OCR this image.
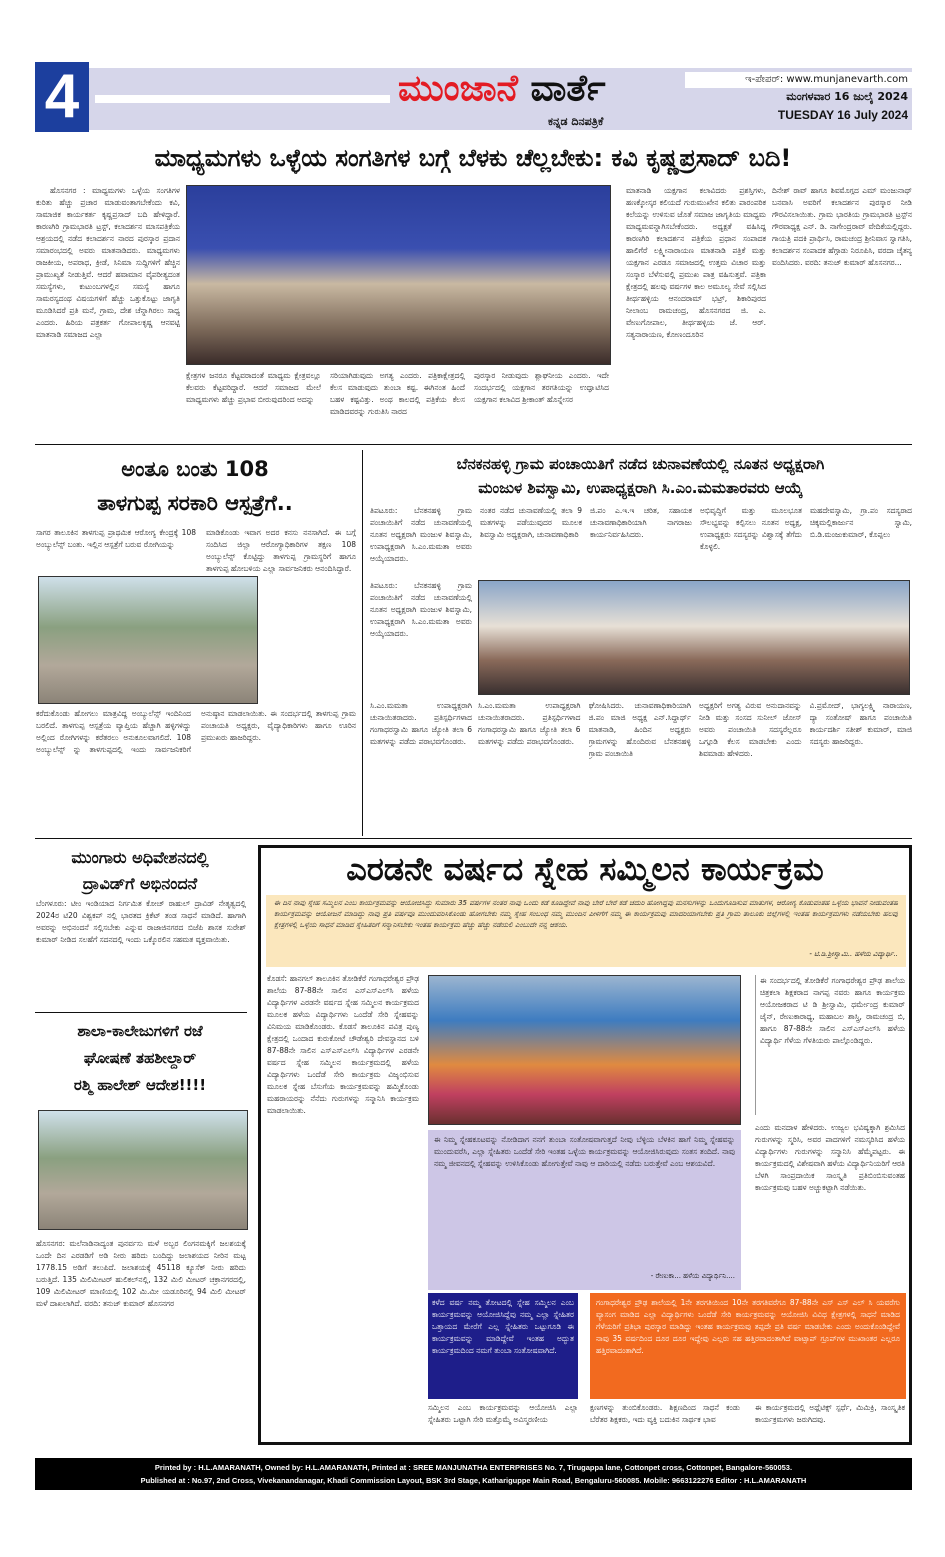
4	ಮುಂಜಾನೆ ವಾರ್ತೆ
ಕನ್ನಡ ದಿನಪತ್ರಿಕೆ
ಇ-ಪೇಪರ್: www.munjanevarth.com
ಮಂಗಳವಾರ 16 ಜುಲೈ 2024
TUESDAY 16 July 2024
ಮಾಧ್ಯಮಗಳು ಒಳ್ಳೆಯ ಸಂಗತಿಗಳ ಬಗ್ಗೆ ಬೆಳಕು ಚೆಲ್ಲಬೇಕು: ಕವಿ ಕೃಷ್ಣಪ್ರಸಾದ್ ಬದಿ!

ಹೊಸನಗರ : ಮಾಧ್ಯಮಗಳು ಒಳ್ಳೆಯ ಸಂಗತಿಗಳ ಕುರಿತು ಹೆಚ್ಚು ಪ್ರಚಾರ ಮಾಡುವಂತಾಗಬೇಕೆಂದು ಕವಿ, ಸಾಮಾಜಿಕ ಕಾರ್ಯಕರ್ತ ಕೃಷ್ಣಪ್ರಸಾದ್ ಬದಿ ಹೇಳಿದ್ದಾರೆ. ಕಾರಣಗಿರಿ ಗ್ರಾಮಭಾರತಿ ಟ್ರಸ್ಟ್, ಕಲಾದರ್ಶನ ಮಾಸಪತ್ರಿಕೆಯ ಆಶ್ರಯದಲ್ಲಿ ನಡೆದ ಕಲಾದರ್ಶನ ನಾರದ ಪುರಸ್ಕಾರ ಪ್ರದಾನ ಸಮಾರಂಭದಲ್ಲಿ ಅವರು ಮಾತನಾಡಿದರು. ಮಾಧ್ಯಮಗಳು ರಾಜಕೀಯ, ಅಪರಾಧ, ಕ್ರೀಡೆ, ಸಿನಿಮಾ ಸುದ್ದಿಗಳಿಗೆ ಹೆಚ್ಚಿನ ಪ್ರಾಮುಖ್ಯತೆ ನೀಡುತ್ತಿವೆ. ಆದರೆ ಹವಾಮಾನ ವೈಪರೀತ್ಯದಂತ ಸಮಸ್ಯೆಗಳು, ಕುಟುಂಬಗಳಲ್ಲಿನ ಸಮಸ್ಯೆ ಹಾಗೂ ಸಾಮರಸ್ಯದಂಥ ವಿಷಯಗಳಿಗೆ ಹೆಚ್ಚು ಒತ್ತುಕೊಟ್ಟು ಜಾಗೃತಿ ಮೂಡಿಸಿದರೆ ಪ್ರತಿ ಮನೆ, ಗ್ರಾಮ, ದೇಶ ಚೆನ್ನಾಗಿರಲು ಸಾಧ್ಯ ಎಂದರು. ಹಿರಿಯ ಪತ್ರಕರ್ತ ಗೋಪಾಲಕೃಷ್ಣ ಆನವಟ್ಟಿ ಮಾತನಾಡಿ ಸಮಾಜದ ಎಲ್ಲಾ

ಕ್ಷೇತ್ರಗಳ ಜನರೂ ಕೆಟ್ಟವರಾದಂತೆ ಮಾಧ್ಯಮ ಕ್ಷೇತ್ರವಲ್ಲೂ ಕೆಲವರು ಕೆಟ್ಟವರಿದ್ದಾರೆ. ಆದರೆ ಸಮಾಜದ ಮೇಲೆ ಮಾಧ್ಯಮಗಳು ಹೆಚ್ಚು ಪ್ರಭಾವ ಬೀರುವುದರಿಂದ ಅದನ್ನು
ಸರಿಯಾಗಿಡುವುದು ಅಗತ್ಯ ಎಂದರು. ಪತ್ರಿಕಾಕ್ಷೇತ್ರದಲ್ಲಿ ಕೆಲಸ ಮಾಡುವುದು ತುಂಬಾ ಕಷ್ಟ. ಈಗಿನಂತ ಹಿಂದೆ ಬಹಳ ಕಷ್ಟವಿತ್ತು. ಅಂಥ ಕಾಲದಲ್ಲಿ ಪತ್ರಿಕೆಯ ಕೆಲಸ ಮಾಡಿದವರನ್ನು ಗುರುತಿಸಿ ನಾರದ
ಪುರಸ್ಕಾರ ನೀಡುವುದು ಶ್ಲಾಘನೀಯ ಎಂದರು. ಇದೇ ಸಂದರ್ಭದಲ್ಲಿ ಯಕ್ಷಗಾನ ತರಗತಿಯನ್ನು ಉದ್ಘಾಟಿಸಿದ ಯಕ್ಷಗಾನ ಕಲಾವಿದ ಶ್ರೀಕಾಂತ್ ಹೊನ್ನೇಸರ
ಮಾತನಾಡಿ ಯಕ್ಷಗಾನ ಕಲಾವಿದರು ಪ್ರಶಸ್ತಿಗಳು, ಹಣಕ್ಕೋಸ್ಕರ ಕಲಿಯದೆ ಗುರುಮುಖೇನ ಕಲಿತು ಪಾರಂಪರಿಕ ಕಲೆಯನ್ನು ಉಳಿಸುವ ಜೊತೆ ಸಮಾಜ ಜಾಗೃತಿಯ ಮಾಧ್ಯಮ ಮಾಧ್ಯಮವನ್ನಾಗಿಸಬೇಕೆಂದರು. ಅಧ್ಯಕ್ಷತೆ ವಹಿಸಿದ್ದ ಕಾರಣಗಿರಿ ಕಲಾದರ್ಶನ ಪತ್ರಿಕೆಯ ಪ್ರಧಾನ ಸಂಪಾದಕ ಹಾಲಿಗೆರೆ ಲಕ್ಷ್ಮೀನಾರಾಯಣ ಮಾತನಾಡಿ ಪತ್ರಿಕೆ ಮತ್ತು ಯಕ್ಷಗಾನ ಎರಡೂ ಸಮಾಜದಲ್ಲಿ ಉತ್ತಮ ವಿಚಾರ ಮತ್ತು ಸಂಸ್ಕಾರ ಬೆಳೆಸುವಲ್ಲಿ ಪ್ರಮುಖ ಪಾತ್ರ ವಹಿಸುತ್ತವೆ. ಪತ್ರಿಕಾ ಕ್ಷೇತ್ರದಲ್ಲಿ ಹಲವು ವರ್ಷಗಳ ಕಾಲ ಅಮೂಲ್ಯ ಸೇವೆ ಸಲ್ಲಿಸಿದ ತೀರ್ಥಹಳ್ಳಿಯ ಆನಂದರಾಮ್ ಭಟ್ರ್, ಶಿಕಾರಿಪುರದ ನೀಲಾಂಬ ರಾಮಚಂದ್ರ, ಹೊಸನಗರದ ಜಿ. ಎ. ವೇಣುಗೋಪಾಲ, ತೀರ್ಥಹಳ್ಳಿಯ ಜೆ. ಆರ್. ಸತ್ಯನಾರಾಯಣ, ಕೋಣಂದೂರಿನ
ದಿನೇಶ್ ರಾವ್ ಹಾಗೂ ಶಿವಮೊಗ್ಗದ ಎಮ್ ಮಂಜುನಾಥ್ ಬನವಾಸಿ ಅವರಿಗೆ ಕಲಾದರ್ಶನ ಪುರಸ್ಕಾರ ನೀಡಿ ಗೌರವಿಸಲಾಯಿತು. ಗ್ರಾಮ ಭಾರತಿಯ ಗ್ರಾಮಭಾರತಿ ಟ್ರಸ್ಟ್‌ನ ಗೌರವಾಧ್ಯಕ್ಷ ಎನ್. ಡಿ. ನಾಗೇಂದ್ರರಾವ್ ವೇದಿಕೆಯಲ್ಲಿದ್ದರು. ಗಾಯತ್ರಿ ಪದಕಿ ಪ್ರಾರ್ಥಿಸಿ, ರಾಮಚಂದ್ರ ಶ್ರೀನಿವಾಸ ಸ್ವಾಗತಿಸಿ, ಕಲಾದರ್ಶನ ಸಂಪಾದಕ ಹೆಗ್ಗಾಡು ನಿರೂಪಿಸಿ, ವರದಾ ಚೈತನ್ಯ ವಂದಿಸಿದರು. ವರದಿ: ತನುಜ್ ಕುಮಾರ್ ಹೊಸನಗರ...
ಅಂತೂ ಬಂತು 108
ತಾಳಗುಪ್ಪ ಸರಕಾರಿ ಆಸ್ಪತ್ರೆಗೆ..
ಸಾಗರ ತಾಲೂಕಿನ ತಾಳಗುಪ್ಪ ಪ್ರಾಥಮಿಕ ಆರೋಗ್ಯ ಕೇಂದ್ರಕ್ಕೆ 108 ಅಂಬ್ಯುಲೆನ್ಸ್ ಬಂತು. ಇಲ್ಲಿನ ಆಸ್ಪತ್ರೆಗೆ ಬರುವ ರೋಗಿಯನ್ನು
ಮಾಡಿಕೊಂಡು ಇವಾಗ ಅದರ ಕನಸು ನನಸಾಗಿದೆ. ಈ ಬಗ್ಗೆ ಸಂದಿಸಿದ ಜಿಲ್ಲಾ ಆರೋಗ್ಯಾಧಿಕಾರಿಗಳ ತಕ್ಷಣ 108 ಅಂಬ್ಯುಲೆನ್ಸ್ ಕೊಟ್ಟಿದ್ದು ತಾಳಗುಪ್ಪ ಗ್ರಾಮಸ್ಥರಿಗೆ ಹಾಗೂ ತಾಳಗುಪ್ಪ ಹೋಬಳಿಯ ಎಲ್ಲಾ ಸಾರ್ವಜನಿಕರು ಆನಂದಿಸಿದ್ದಾರೆ.
ಕರೆದುಕೊಂಡು ಹೋಗಲು ಮಾತ್ರವಿದ್ದ ಅಂಬ್ಯುಲೆನ್ಸ್ ಇಂದಿನಿಂದ ಬರಲಿದೆ. ತಾಳಗುಪ್ಪ ಆಸ್ಪತ್ರೆಯ ವ್ಯಾಪ್ತಿಯ ಹೆಚ್ಚಾಗಿ ಹಳ್ಳಿಗಳಿದ್ದು ಅಲ್ಲಿಂದ ರೋಗಿಗಳನ್ನು ಕರೆತರಲು ಅನುಕೂಲವಾಗಲಿದೆ. 108 ಅಂಬ್ಯುಲೆನ್ಸ್ ನ್ನು ತಾಳಗುಪ್ಪದಲ್ಲಿ ಇಂದು ಸಾರ್ವಜನಿಕರಿಗೆ ಅನುಷ್ಠಾನ ಮಾಡಲಾಯಿತು. ಈ ಸಂದರ್ಭದಲ್ಲಿ ತಾಳಗುಪ್ಪ ಗ್ರಾಮ ಪಂಚಾಯತಿ ಅಧ್ಯಕ್ಷರು, ವೈದ್ಯಾಧಿಕಾರಿಗಳು ಹಾಗೂ ಊರಿನ ಪ್ರಮುಖರು ಹಾಜರಿದ್ದರು.
ಬೆನಕನಹಳ್ಳಿ ಗ್ರಾಮ ಪಂಚಾಯಿತಿಗೆ ನಡೆದ ಚುನಾವಣೆಯಲ್ಲಿ ನೂತನ ಅಧ್ಯಕ್ಷರಾಗಿ
ಮಂಜುಳ ಶಿವಸ್ವಾಮಿ, ಉಪಾಧ್ಯಕ್ಷರಾಗಿ ಸಿ.ಎಂ.ಮಮತಾರವರು ಆಯ್ಕೆ
ತಿಪಟೂರು: ಬೆನಕನಹಳ್ಳಿ ಗ್ರಾಮ ಪಂಚಾಯಿತಿಗೆ ನಡೆದ ಚುನಾವಣೆಯಲ್ಲಿ ನೂತನ ಅಧ್ಯಕ್ಷರಾಗಿ ಮಂಜುಳ ಶಿವಸ್ವಾಮಿ, ಉಪಾಧ್ಯಕ್ಷರಾಗಿ ಸಿ.ಎಂ.ಮಮತಾ ಅವರು ಆಯ್ಕೆಯಾದರು.
ನಂತರ ನಡೆದ ಚುನಾವಣೆಯಲ್ಲಿ ತಲಾ 9 ಮತಗಳನ್ನು ಪಡೆಯುವುದರ ಮೂಲಕ ಶಿವಸ್ವಾಮಿ ಅಧ್ಯಕ್ಷರಾಗಿ, ಚುನಾವಣಾಧಿಕಾರಿ
ಜಿ.ಪಂ ಎ.ಇ.ಇ ಚರಿತ, ಸಹಾಯಕ ಚುನಾವಣಾಧಿಕಾರಿಯಾಗಿ ನಾಗರಾಜು ಕಾರ್ಯನಿರ್ವಹಿಸಿದರು.
ಅಭಿವೃದ್ಧಿಗೆ ಮತ್ತು ಮೂಲಭೂತ ಸೌಲಭ್ಯವನ್ನು ಕಲ್ಪಿಸಲು ನೂತನ ಅಧ್ಯಕ್ಷ, ಉಪಾಧ್ಯಕ್ಷರು ಸದಸ್ಯರನ್ನು ವಿಶ್ವಾಸಕ್ಕೆ ತೆಗೆದು ಕೊಳ್ಳಲಿ.
ಮಹದೇವಸ್ವಾಮಿ, ಗ್ರಾ.ಪಂ ಸದಸ್ಯರಾದ ಚಿಕ್ಕಮಲ್ಲಿಕಾರ್ಜುನ ಸ್ವಾಮಿ, ಬಿ.ಡಿ.ಮಂಜುಕುಮಾರ್, ಕೊಪ್ಪಲು
ತಿಪಟೂರು: ಬೆನಕನಹಳ್ಳಿ ಗ್ರಾಮ ಪಂಚಾಯಿತಿಗೆ ನಡೆದ ಚುನಾವಣೆಯಲ್ಲಿ ನೂತನ ಅಧ್ಯಕ್ಷರಾಗಿ ಮಂಜುಳ ಶಿವಸ್ವಾಮಿ, ಉಪಾಧ್ಯಕ್ಷರಾಗಿ ಸಿ.ಎಂ.ಮಮತಾ ಅವರು ಆಯ್ಕೆಯಾದರು.
ಸಿ.ಎಂ.ಮಮತಾ ಉಪಾಧ್ಯಕ್ಷರಾಗಿ ಚುನಾಯಿತರಾದರು. ಪ್ರತಿಸ್ಪರ್ಧಿಗಳಾದ ಗಂಗಾಧರಸ್ವಾಮಿ ಹಾಗೂ ಜ್ಯೋತಿ ತಲಾ 6 ಮತಗಳನ್ನು ಪಡೆದು ಪರಾಭವಗೊಂಡರು.
ಘೋಷಿಸಿದರು. ಚುನಾವಣಾಧಿಕಾರಿಯಾಗಿ ಜಿ.ಪಂ ಮಾಜಿ ಅಧ್ಯಕ್ಷ ಎನ್.ಸಿದ್ದಾರ್ಥ್ ಮಾತನಾಡಿ, ಹಿಂದಿನ ಅಧ್ಯಕ್ಷರು ಗ್ರಾಮಗಳನ್ನು ಹೊಂದಿರುವ ಬೆನಕನಹಳ್ಳಿ ಗ್ರಾಮ ಪಂಚಾಯಿತಿ
ಅಧ್ಯಕ್ಷರಿಗೆ ಅಗತ್ಯ ವಿರುವ ಅನುದಾನವನ್ನು ನೀಡಿ ಮತ್ತು ಸಂಸದ ಸುನೀಲ್ ಜೋಸ್ ಅವರು ಪಂಚಾಯಿತಿ ಸದಸ್ಯರೆಲ್ಲರೂ ಒಗ್ಗೂಡಿ ಕೆಲಸ ಮಾಡಬೇಕು ಎಂದು ಶಿವಮಾಡು ಹೇಳಿದರು.
ವಿ.ಪ್ರಮೋದ್, ಭಾಗ್ಯಲಕ್ಷ್ಮಿ ನಾರಾಯಣ, ದ್ಯಾ ಸಂತೋಷ್ ಹಾಗೂ ಪಂಚಾಯಿತಿ ಕಾರ್ಯದರ್ಶಿ ಸತೀಶ್ ಕುಮಾರ್, ಮಾಜಿ ಸದಸ್ಯರು ಹಾಜರಿದ್ದರು.
ಸಿ.ಎಂ.ಮಮತಾ ಉಪಾಧ್ಯಕ್ಷರಾಗಿ ಚುನಾಯಿತರಾದರು. ಪ್ರತಿಸ್ಪರ್ಧಿಗಳಾದ ಗಂಗಾಧರಸ್ವಾಮಿ ಹಾಗೂ ಜ್ಯೋತಿ ತಲಾ 6 ಮತಗಳನ್ನು ಪಡೆದು ಪರಾಭವಗೊಂಡರು.
ಮುಂಗಾರು ಅಧಿವೇಶನದಲ್ಲಿ
ದ್ರಾವಿಡ್‌ಗೆ ಅಭಿನಂದನೆ
ಬೆಂಗಳೂರು: ಟೀಂ ಇಂಡಿಯಾದ ನಿರ್ಗಮಿತ ಕೋಚ್ ರಾಹುಲ್ ದ್ರಾವಿಡ್ ನೇತೃತ್ವದಲ್ಲಿ 2024ರ ಟಿ20 ವಿಶ್ವಕಪ್ ನಲ್ಲಿ ಭಾರತದ ಕ್ರಿಕೆಟ್ ತಂಡ ಸಾಧನೆ ಮಾಡಿದೆ. ಹಾಗಾಗಿ ಅವರನ್ನು ಅಭಿನಂದನೆ ಸಲ್ಲಿಸಬೇಕು ಎನ್ನುವ ರಾಜಾಜಿನಗರದ ಬಿಜೆಪಿ ಶಾಸಕ ಸುರೇಶ್ ಕುಮಾರ್ ನೀಡಿದ ಸಲಹೆಗೆ ಸದನದಲ್ಲಿ ಇಂದು ಒಕ್ಕೊರಲಿನ ಸಹಮತ ವ್ಯಕ್ತವಾಯಿತು.
ಶಾಲಾ-ಕಾಲೇಜುಗಳಿಗೆ ರಜೆ
ಘೋಷಣೆ ತಹಶೀಲ್ದಾರ್
ರಶ್ಮಿ ಹಾಲೇಶ್ ಆದೇಶ!!!!
ಹೊಸನಗರ: ಮಲೆನಾಡಿನಾದ್ಯಂತ ಪುನರ್ವಸು ಮಳೆ ಅಬ್ಬರ ಲಿಂಗನಮಕ್ಕಿಗೆ ಜಲಶಯಕ್ಕೆ ಒಂದೇ ದಿನ ಎರಡಡಿಗೆ ಅಡಿ ನೀರು ಹರಿದು ಬಂದಿದ್ದು ಜಲಾಶಯದ ನೀರಿನ ಮಟ್ಟ 1778.15 ಅಡಿಗೆ ತಲುಪಿದೆ. ಜಲಾಶಯಕ್ಕೆ 45118 ಕ್ಯೂಸೆಕ್ ನೀರು ಹರಿದು ಬರುತ್ತಿದೆ. 135 ಮಿಲಿಮೀಟರ್ ಹುಲಿಕಲ್‌ನಲ್ಲಿ, 132 ಮಿಲಿ ಮೀಟರ್ ಚಕ್ರಾನಗರದಲ್ಲಿ, 109 ಮಿಲಿಮೀಟರ್ ಮಾಣಿಯಲ್ಲಿ 102 ಮಿ.ಮೀ ಯಡೂರಿನಲ್ಲಿ 94 ಮಿಲಿ ಮೀಟರ್ ಮಳೆ ದಾಖಲಾಗಿದೆ. ವರದಿ: ತನುಜ್ ಕುಮಾರ್ ಹೊಸನಗರ
ಎರಡನೇ ವರ್ಷದ ಸ್ನೇಹ ಸಮ್ಮಿಲನ ಕಾರ್ಯಕ್ರಮ
ಈ ದಿನ ನಾವು ಸ್ನೇಹ ಸಮ್ಮಿಲನ ಎಂಬ ಕಾರ್ಯಕ್ರಮವನ್ನು ಆಯೋಜಿಸಿದ್ದು ಸುಮಾರು 35 ವರ್ಷಗಳ ನಂತರ ನಾವು ಒಂದು ಕಡೆ ಕೂಡಿದ್ದೇವೆ ನಾವು ಬೇರೆ ಬೇರೆ ಕಡೆ ಚದುರಿ ಹೋಗಿದ್ದವು ಮನಸುಗಳನ್ನು ಒಂದುಗೂಡಿಸುವ ಮಾತುಗಳ, ಆರೋಗ್ಯ ಕೊಡುವಂತಹ ಒಳ್ಳೆಯ ಭಾವನೆ ನೀಡುವಂತಹ ಕಾರ್ಯಕ್ರಮವನ್ನು ಆಯೋಜನೆ ಮಾಡಿದ್ದು ನಾವು ಪ್ರತಿ ವರ್ಷವೂ ಮುಂದುವರಿಸಿಕೊಂಡು ಹೋಗಬೇಕು ನಮ್ಮ ಸ್ನೇಹ ಸಂಬಂಧ ನಮ್ಮ ಮುಂದಿನ ಪೀಳಿಗೆಗೆ ನಮ್ಮ ಈ ಕಾರ್ಯಕ್ರಮವು ಮಾದರಿಯಾಗಬೇಕು ಪ್ರತಿ ಗ್ರಾಮ ತಾಲೂಕು ಜಿಲ್ಲೆಗಳಲ್ಲಿ ಇಂತಹ ಕಾರ್ಯಕ್ರಮಗಳು ನಡೆಯಬೇಕು ಹಲವು ಕ್ಷೇತ್ರಗಳಲ್ಲಿ ಒಳ್ಳೆಯ ಸಾಧನೆ ಮಾಡಿದ ಸ್ನೇಹಿತರಿಗೆ ಸನ್ಮಾನಿಸಬೇಕು ಇಂತಹ ಕಾರ್ಯಕ್ರಮ ಹೆಚ್ಚು ಹೆಚ್ಚು ನಡೆಯಲಿ ಎಂಬುದೇ ನನ್ನ ಆಶಯ.
- ಟಿ.ಡಿ.ಶ್ರೀಸ್ವಾಮಿ.. ಹಳೆಯ ವಿದ್ಯಾರ್ಥಿ..
ಕೊಡಸೆ: ಹಾನಗಲ್ ತಾಲೂಕಿನ ತೋಡಿಕೆರೆ ಗಂಗಾಧರೇಶ್ವರ ಪ್ರೌಢ ಶಾಲೆಯ 87-88ನೇ ಸಾಲಿನ ಎಸ್‌ಎಸ್‌ಎಲ್‌ಸಿ ಹಳೆಯ ವಿದ್ಯಾರ್ಥಿಗಳ ಎರಡನೇ ವರ್ಷದ ಸ್ನೇಹ ಸಮ್ಮಿಲನ ಕಾರ್ಯಕ್ರಮದ ಮೂಲಕ ಹಳೆಯ ವಿದ್ಯಾರ್ಥಿಗಳು ಒಂದೆಡೆ ಸೇರಿ ಸ್ನೇಹವನ್ನು ವಿನಿಮಯ ಮಾಡಿಕೊಂಡರು. ಕೊಡಸೆ ತಾಲೂಕಿನ ಪವಿತ್ರ ಪುಣ್ಯ ಕ್ಷೇತ್ರದಲ್ಲಿ ಒಂದಾದ ಕುರುಕೋಟೆ ಚೌಡೇಶ್ವರಿ ದೇವಸ್ಥಾನದ ಬಳಿ 87-88ನೇ ಸಾಲಿನ ಎಸ್‌ಎಸ್‌ಎಲ್‌ಸಿ ವಿದ್ಯಾರ್ಥಿಗಳ ಎರಡನೇ ವರ್ಷದ ಸ್ನೇಹ ಸಮ್ಮಿಲನ ಕಾರ್ಯಕ್ರಮದಲ್ಲಿ ಹಳೆಯ ವಿದ್ಯಾರ್ಥಿಗಳು ಒಂದೆಡೆ ಸೇರಿ ಕಾರ್ಯಕ್ರಮ ವಿಜೃಂಭಿಸುವ ಮೂಲಕ ಸ್ನೇಹ ಬೆಸುಗೆಯ ಕಾರ್ಯಕ್ರಮವನ್ನು ಹಮ್ಮಿಕೊಂಡು ಮಹರಾಯರನ್ನು ನೆನೆದು ಗುರುಗಳನ್ನು ಸನ್ಮಾನಿಸಿ ಕಾರ್ಯಕ್ರಮ ಮಾಡಲಾಯಿತು.
ಈ ಸಂದರ್ಭದಲ್ಲಿ ತೋಡಿಕೆರೆ ಗಂಗಾಧರೇಶ್ವರ ಪ್ರೌಢ ಶಾಲೆಯ ಚಿತ್ರಕಲಾ ಶಿಕ್ಷಕರಾದ ನಾಗಪ್ಪ ನವರು ಹಾಗೂ ಕಾರ್ಯಕ್ರಮ ಆಯೋಜಕರಾದ ಟಿ ಡಿ ಶ್ರೀಸ್ವಾಮಿ, ಧರ್ಮೇಂದ್ರ ಕುಮಾರ್ ಜೈನ್, ರೇಣುಕಾರಾಧ್ಯ, ಮಹಾಬಲ ಶಾಸ್ತ್ರಿ, ರಾಮಚಂದ್ರ ಬಿ, ಹಾಗೂ 87-88ನೇ ಸಾಲಿನ ಎಸ್‌ಎಸ್‌ಎಲ್‌ಸಿ ಹಳೆಯ ವಿದ್ಯಾರ್ಥಿ ಗೆಳೆಯ ಗೆಳತಿಯರು ಪಾಲ್ಗೊಂಡಿದ್ದರು.
ಈ ನಿಮ್ಮ ಸ್ನೇಹಕೂಟವನ್ನು ನೋಡಿದಾಗ ನನಗೆ ತುಂಬಾ ಸಂತೋಷವಾಗುತ್ತದೆ ನೀವು ಬೆಳ್ಳಿಯ ಬೆಳಕಿನ ಹಾಗೆ ನಿಮ್ಮ ಸ್ನೇಹವನ್ನು ಮುಂದುವರೆಸಿ, ಎಲ್ಲಾ ಸ್ನೇಹಿತರು ಒಂದೆಡೆ ಸೇರಿ ಇಂತಹ ಒಳ್ಳೆಯ ಕಾರ್ಯಕ್ರಮವನ್ನು ಆಯೋಜಿಸಿರುವುದು ಸಂತಸ ತಂದಿದೆ. ನಾವು ನಮ್ಮ ಜೀವನದಲ್ಲಿ ಸ್ನೇಹವನ್ನು ಉಳಿಸಿಕೊಂಡು ಹೋಗುತ್ತೇವೆ ನಾವು ಆ ದಾರಿಯಲ್ಲಿ ನಡೆದು ಬರುತ್ತೇವೆ ಎಂಬ ಆಶಯವಿದೆ.
- ರೇಣುಕಾ... ಹಳೆಯ ವಿದ್ಯಾರ್ಥಿನಿ....
ಎಂದು ಮನದಾಳ ಹೇಳಿದರು. ಉಜ್ವಲ ಭವಿಷ್ಯಕ್ಕಾಗಿ ಶ್ರಮಿಸಿದ ಗುರುಗಳನ್ನು ಸ್ಮರಿಸಿ, ಅವರ ಪಾದಗಳಿಗೆ ನಮಸ್ಕರಿಸಿದ ಹಳೆಯ ವಿದ್ಯಾರ್ಥಿಗಳು ಗುರುಗಳನ್ನು ಸನ್ಮಾನಿಸಿ ಹೆಮ್ಮೆಪಟ್ಟರು. ಈ ಕಾರ್ಯಕ್ರಮದಲ್ಲಿ ವಿಶೇಷವಾಗಿ ಹಳೆಯ ವಿದ್ಯಾರ್ಥಿನಿಯರಿಗೆ ಆರತಿ ಬೆಳಗಿ ಸಾಂಪ್ರದಾಯಿಕ ಸಾಂಸ್ಕೃತಿ ಪ್ರತಿಬಿಂಬಿಸುವಂತಹ ಕಾರ್ಯಕ್ರಮವು ಬಹಳ ಅಚ್ಚುಕಟ್ಟಾಗಿ ನಡೆಯಿತು.
ಕಳೆದ ವರ್ಷ ನಮ್ಮ ತೋಟದಲ್ಲಿ ಸ್ನೇಹ ಸಮ್ಮಿಲನ ಎಂಬ ಕಾರ್ಯಕ್ರಮವನ್ನು ಆಯೋಜಿಸಿದ್ದೆವು ನಮ್ಮ ಎಲ್ಲಾ ಸ್ನೇಹಿತರ ಒತ್ತಾಯದ ಮೇರೆಗೆ ಎಲ್ಲ ಸ್ನೇಹಿತರು ಒಟ್ಟುಗೂಡಿ ಈ ಕಾರ್ಯಕ್ರಮವನ್ನು ಮಾಡಿದ್ದೇವೆ ಇಂತಹ ಅದ್ಭುತ ಕಾರ್ಯಕ್ರಮದಿಂದ ನಮಗೆ ತುಂಬಾ ಸಂತೋಷವಾಗಿದೆ.
ಗಂಗಾಧರೇಶ್ವರ ಪ್ರೌಢ ಶಾಲೆಯಲ್ಲಿ 1ನೇ ತರಗತಿಯಿಂದ 10ನೇ ತರಗತಿವರೆಗೂ 87-88ನೇ ಎಸ್ ಎಸ್ ಎಲ್ ಸಿ ಯವರೆಗು ವ್ಯಾಸಂಗ ಮಾಡಿದ ಎಲ್ಲಾ ವಿದ್ಯಾರ್ಥಿಗಳು ಒಂದೆಡೆ ಸೇರಿ ಕಾರ್ಯಕ್ರಮವನ್ನು ಆಯೋಜಿಸಿ ವಿವಿಧ ಕ್ಷೇತ್ರಗಳಲ್ಲಿ ಸಾಧನೆ ಮಾಡಿದ ಗೆಳೆಯರಿಗೆ ಪ್ರತಿಭಾ ಪುರಸ್ಕಾರ ಮಾಡಿದ್ದು ಇಂತಹ ಕಾರ್ಯಕ್ರಮವು ತಪ್ಪದೇ ಪ್ರತಿ ವರ್ಷ ಮಾಡಬೇಕು ಎಂದು ಅಂದುಕೊಂಡಿದ್ದೇವೆ ನಾವು 35 ವರ್ಷದಿಂದ ದೂರ ದೂರ ಇದ್ದೇವು ಎಲ್ಲರು ಸಹ ಹತ್ತಿರವಾದಂತಾಗಿದೆ ವಾಟ್ಸಾಪ್ ಗ್ರೂಪ್‌ಗಳ ಮುಖಾಂತರ ಎಲ್ಲರೂ ಹತ್ತಿರವಾದಂತಾಗಿದೆ.
ಸಮ್ಮಿಲನ ಎಂಬ ಕಾರ್ಯಕ್ರಮವನ್ನು ಆಯೋಜಿಸಿ ಎಲ್ಲಾ ಸ್ನೇಹಿತರು ಒಟ್ಟಾಗಿ ಸೇರಿ ಮತ್ತೊಮ್ಮೆ ಅವಿಸ್ಮರಣೀಯ
ಕ್ಷಣಗಳನ್ನು ತುಂಬಿಕೊಂಡರು. ಶಿಕ್ಷಣದಿಂದ ಸಾಧನೆ ಕಂಡು ಬೆರೆತರ ಶಿಕ್ಷಕರು, ಇದು ವ್ಯಕ್ತಿ ಬದುಕಿನ ಸಾರ್ಥಕ ಭಾವ
ಈ ಕಾರ್ಯಕ್ರಮದಲ್ಲಿ ಅಥ್ಲೆಟಿಕ್ಸ್ ಸ್ಪರ್ಧೆ, ಮಿಮಿಕ್ರಿ, ಸಾಂಸ್ಕೃತಿಕ ಕಾರ್ಯಕ್ರಮಗಳು ಜರುಗಿದವು.
Printed by : H.L.AMARANATH, Owned by: H.L.AMARANATH, Printed at : SREE MANJUNATHA ENTERPRISES No. 7, Tirugappa lane, Cottonpet cross, Cottonpet, Bangalore-560053.
Published at : No.97, 2nd Cross, Vivekanandanagar, Khadi Commission Layout, BSK 3rd Stage, Kathariguppe Main Road, Bengaluru-560085. Mobile: 9663122276 Editor : H.L.AMARANATH
